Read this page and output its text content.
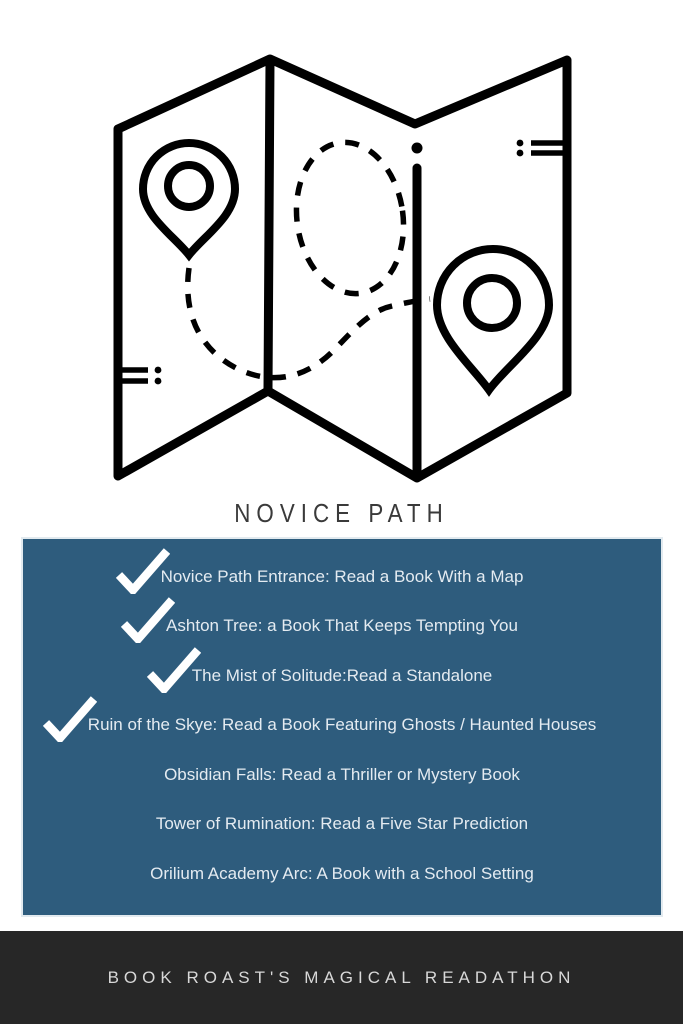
NOVICE PATH
Novice Path Entrance: Read a Book With a Map
Ashton Tree: a Book That Keeps Tempting You
The Mist of Solitude:Read a Standalone
Ruin of the Skye: Read a Book Featuring Ghosts / Haunted Houses
Obsidian Falls: Read a Thriller or Mystery Book
Tower of Rumination: Read a Five Star Prediction
Orilium Academy Arc: A Book with a School Setting
BOOK ROAST'S MAGICAL READATHON
